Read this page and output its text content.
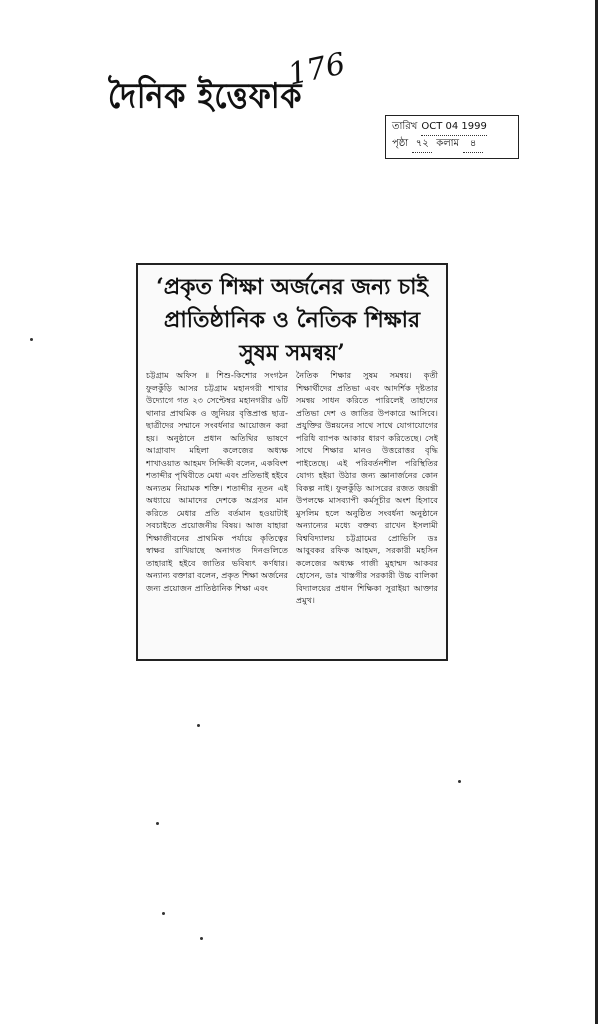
দৈনিক ইত্তেফাক
176
তারিখ OCT 04 1999
পৃষ্ঠা ৭২ কলাম	৪
‘প্রকৃত শিক্ষা অর্জনের জন্য চাই
প্রাতিষ্ঠানিক ও নৈতিক শিক্ষার
সুষম সমন্বয়’

চট্টগ্রাম অফিস ॥ শিশু-কিশোর সংগঠন ফুলকুঁড়ি আসর চট্টগ্রাম মহানগরী শাখার উদ্যোগে গত ২৩ সেপ্টেম্বর মহানগরীর ৬টি থানার প্রাথমিক ও জুনিয়র বৃত্তিপ্রাপ্ত ছাত্র-ছাত্রীদের সম্মানে সংবর্ধনার আয়োজন করা হয়। অনুষ্ঠানে প্রধান অতিথির ভাষণে আগ্রাবাদ মহিলা কলেজের অধ্যক্ষ শাখাওয়াত আহমদ সিদ্দিকী বলেন, একবিংশ শতাব্দীর পৃথিবীতে মেধা এবং প্রতিভাই হইবে অন্যতম নিয়ামক শক্তি। শতাব্দীর নূতন এই অধ্যায়ে আমাদের দেশকে অগ্রসর মান করিতে মেধার প্রতি বর্তমান হওয়াটাই সবচাইতে প্রয়োজনীয় বিষয়। আজ যাহারা শিক্ষাজীবনের প্রাথমিক পর্যায়ে কৃতিত্বের স্বাক্ষর রাখিয়াছে অনাগত দিনগুলিতে তাহারাই হইবে জাতির ভবিষ্যৎ কর্ণধার। অন্যান্য বক্তারা বলেন, প্রকৃত শিক্ষা অর্জনের জন্য প্রয়োজন প্রাতিষ্ঠানিক শিক্ষা এবং

নৈতিক শিক্ষার সুষম সমন্বয়। কৃতী শিক্ষার্থীদের প্রতিভা এবং আদর্শিক দৃষ্টতার সমন্বয় সাধন করিতে পারিলেই তাহাদের প্রতিভা দেশ ও জাতির উপকারে আসিবে। প্রযুক্তির উন্নয়নের সাথে সাথে যোগাযোগের পরিধি ব্যাপক আকার ধারণ করিতেছে। সেই সাথে শিক্ষার মানও উত্তরোত্তর বৃদ্ধি পাইতেছে। এই পরিবর্তনশীল পরিস্থিতির যোগ্য হইয়া উঠার জন্য জ্ঞানার্জনের কোন বিকল্প নাই। ফুলকুঁড়ি আসরের রজত জয়ন্তী উপলক্ষে মাসব্যাপী কর্মসূচীর অংশ হিসাবে মুসলিম হলে অনুষ্ঠিত সংবর্ধনা অনুষ্ঠানে অন্যান্যের মধ্যে বক্তব্য রাখেন ইসলামী বিশ্ববিদ্যালয় চট্টগ্রামের প্রোভিসি ডঃ আবুবকর রফিক আহমদ, সরকারী মহসিন কলেজের অধ্যক্ষ গাজী মুহাম্মদ আকবর হোসেন, ডাঃ খাস্তগীর সরকারী উচ্চ বালিকা বিদ্যালয়ের প্রধান শিক্ষিকা সুরাইয়া আক্তার প্রমুখ।
